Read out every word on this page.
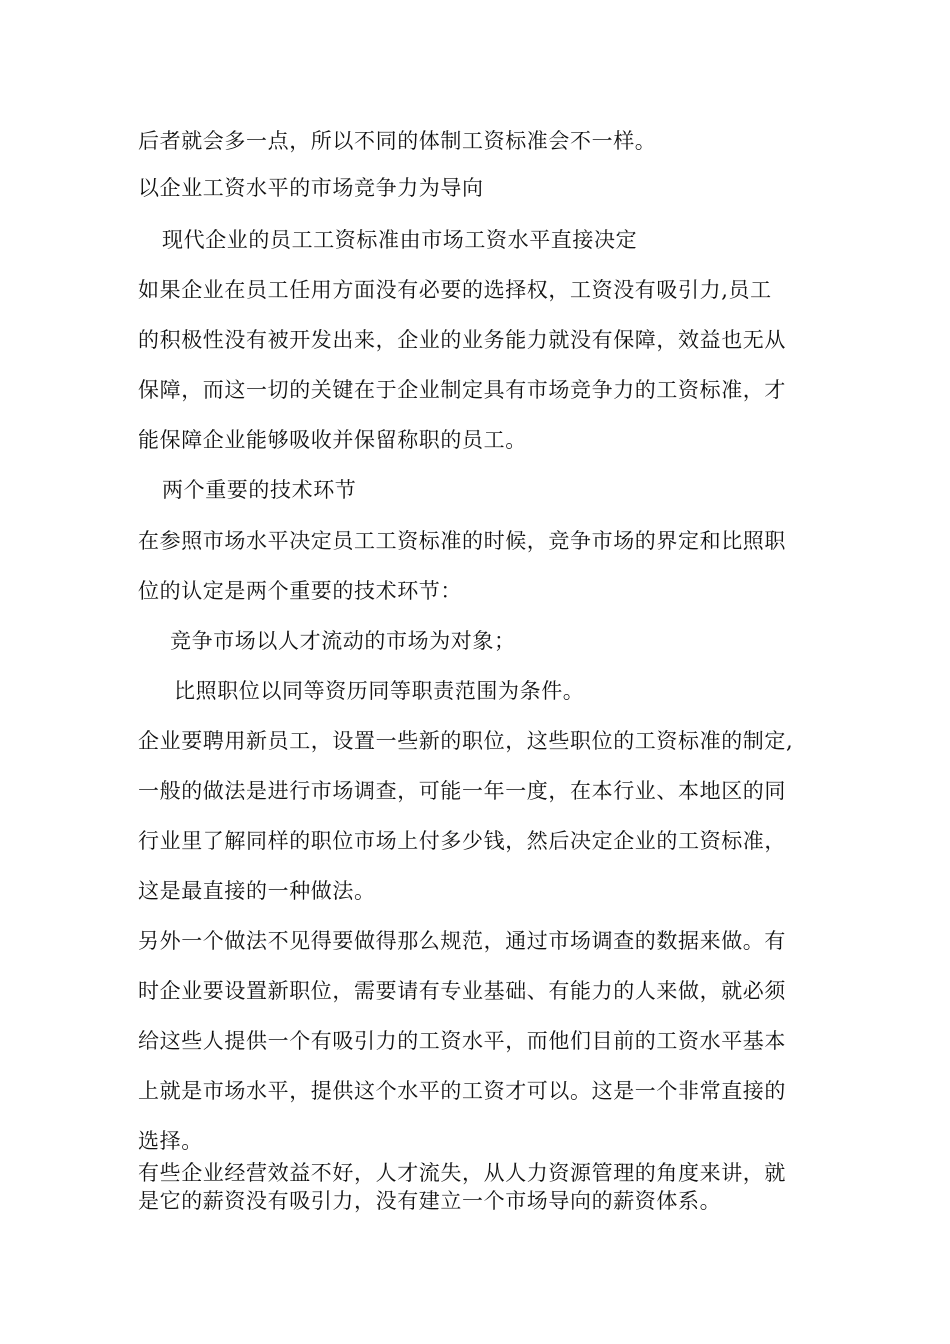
后者就会多一点，所以不同的体制工资标准会不一样。

以企业工资水平的市场竞争力为导向

现代企业的员工工资标准由市场工资水平直接决定

如果企业在员工任用方面没有必要的选择权，工资没有吸引力,员工

的积极性没有被开发出来，企业的业务能力就没有保障，效益也无从

保障，而这一切的关键在于企业制定具有市场竞争力的工资标准，才

能保障企业能够吸收并保留称职的员工。

两个重要的技术环节

在参照市场水平决定员工工资标准的时候，竞争市场的界定和比照职

位的认定是两个重要的技术环节：

竞争市场以人才流动的市场为对象；

比照职位以同等资历同等职责范围为条件。

企业要聘用新员工，设置一些新的职位，这些职位的工资标准的制定,

一般的做法是进行市场调查，可能一年一度，在本行业、本地区的同

行业里了解同样的职位市场上付多少钱，然后决定企业的工资标准，

这是最直接的一种做法。

另外一个做法不见得要做得那么规范，通过市场调查的数据来做。有

时企业要设置新职位，需要请有专业基础、有能力的人来做，就必须

给这些人提供一个有吸引力的工资水平，而他们目前的工资水平基本

上就是市场水平，提供这个水平的工资才可以。这是一个非常直接的

选择。

有些企业经营效益不好，人才流失，从人力资源管理的角度来讲，就

是它的薪资没有吸引力，没有建立一个市场导向的薪资体系。
